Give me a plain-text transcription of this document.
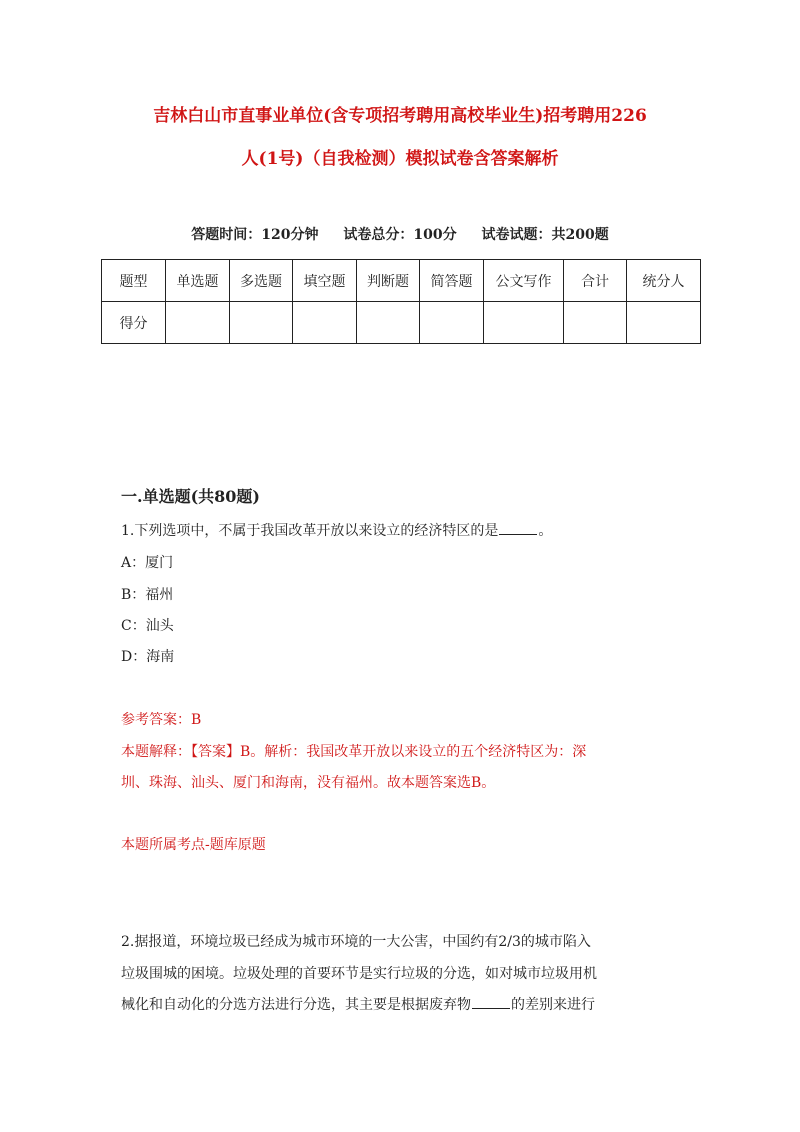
吉林白山市直事业单位(含专项招考聘用高校毕业生)招考聘用226
人(1号)（自我检测）模拟试卷含答案解析
答题时间：120分钟 试卷总分：100分 试卷试题：共200题
题型	单选题	多选题	填空题	判断题	简答题	公文写作	合计	统分人
得分								
一.单选题(共80题)
1.下列选项中，不属于我国改革开放以来设立的经济特区的是	。
A：厦门
B：福州
C：汕头
D：海南
参考答案：B
本题解释：【答案】B。解析：我国改革开放以来设立的五个经济特区为：深
圳、珠海、汕头、厦门和海南，没有福州。故本题答案选B。
本题所属考点-题库原题
2.据报道，环境垃圾已经成为城市环境的一大公害，中国约有2/3的城市陷入
垃圾围城的困境。垃圾处理的首要环节是实行垃圾的分选，如对城市垃圾用机
械化和自动化的分选方法进行分选，其主要是根据废弃物	的差别来进行
